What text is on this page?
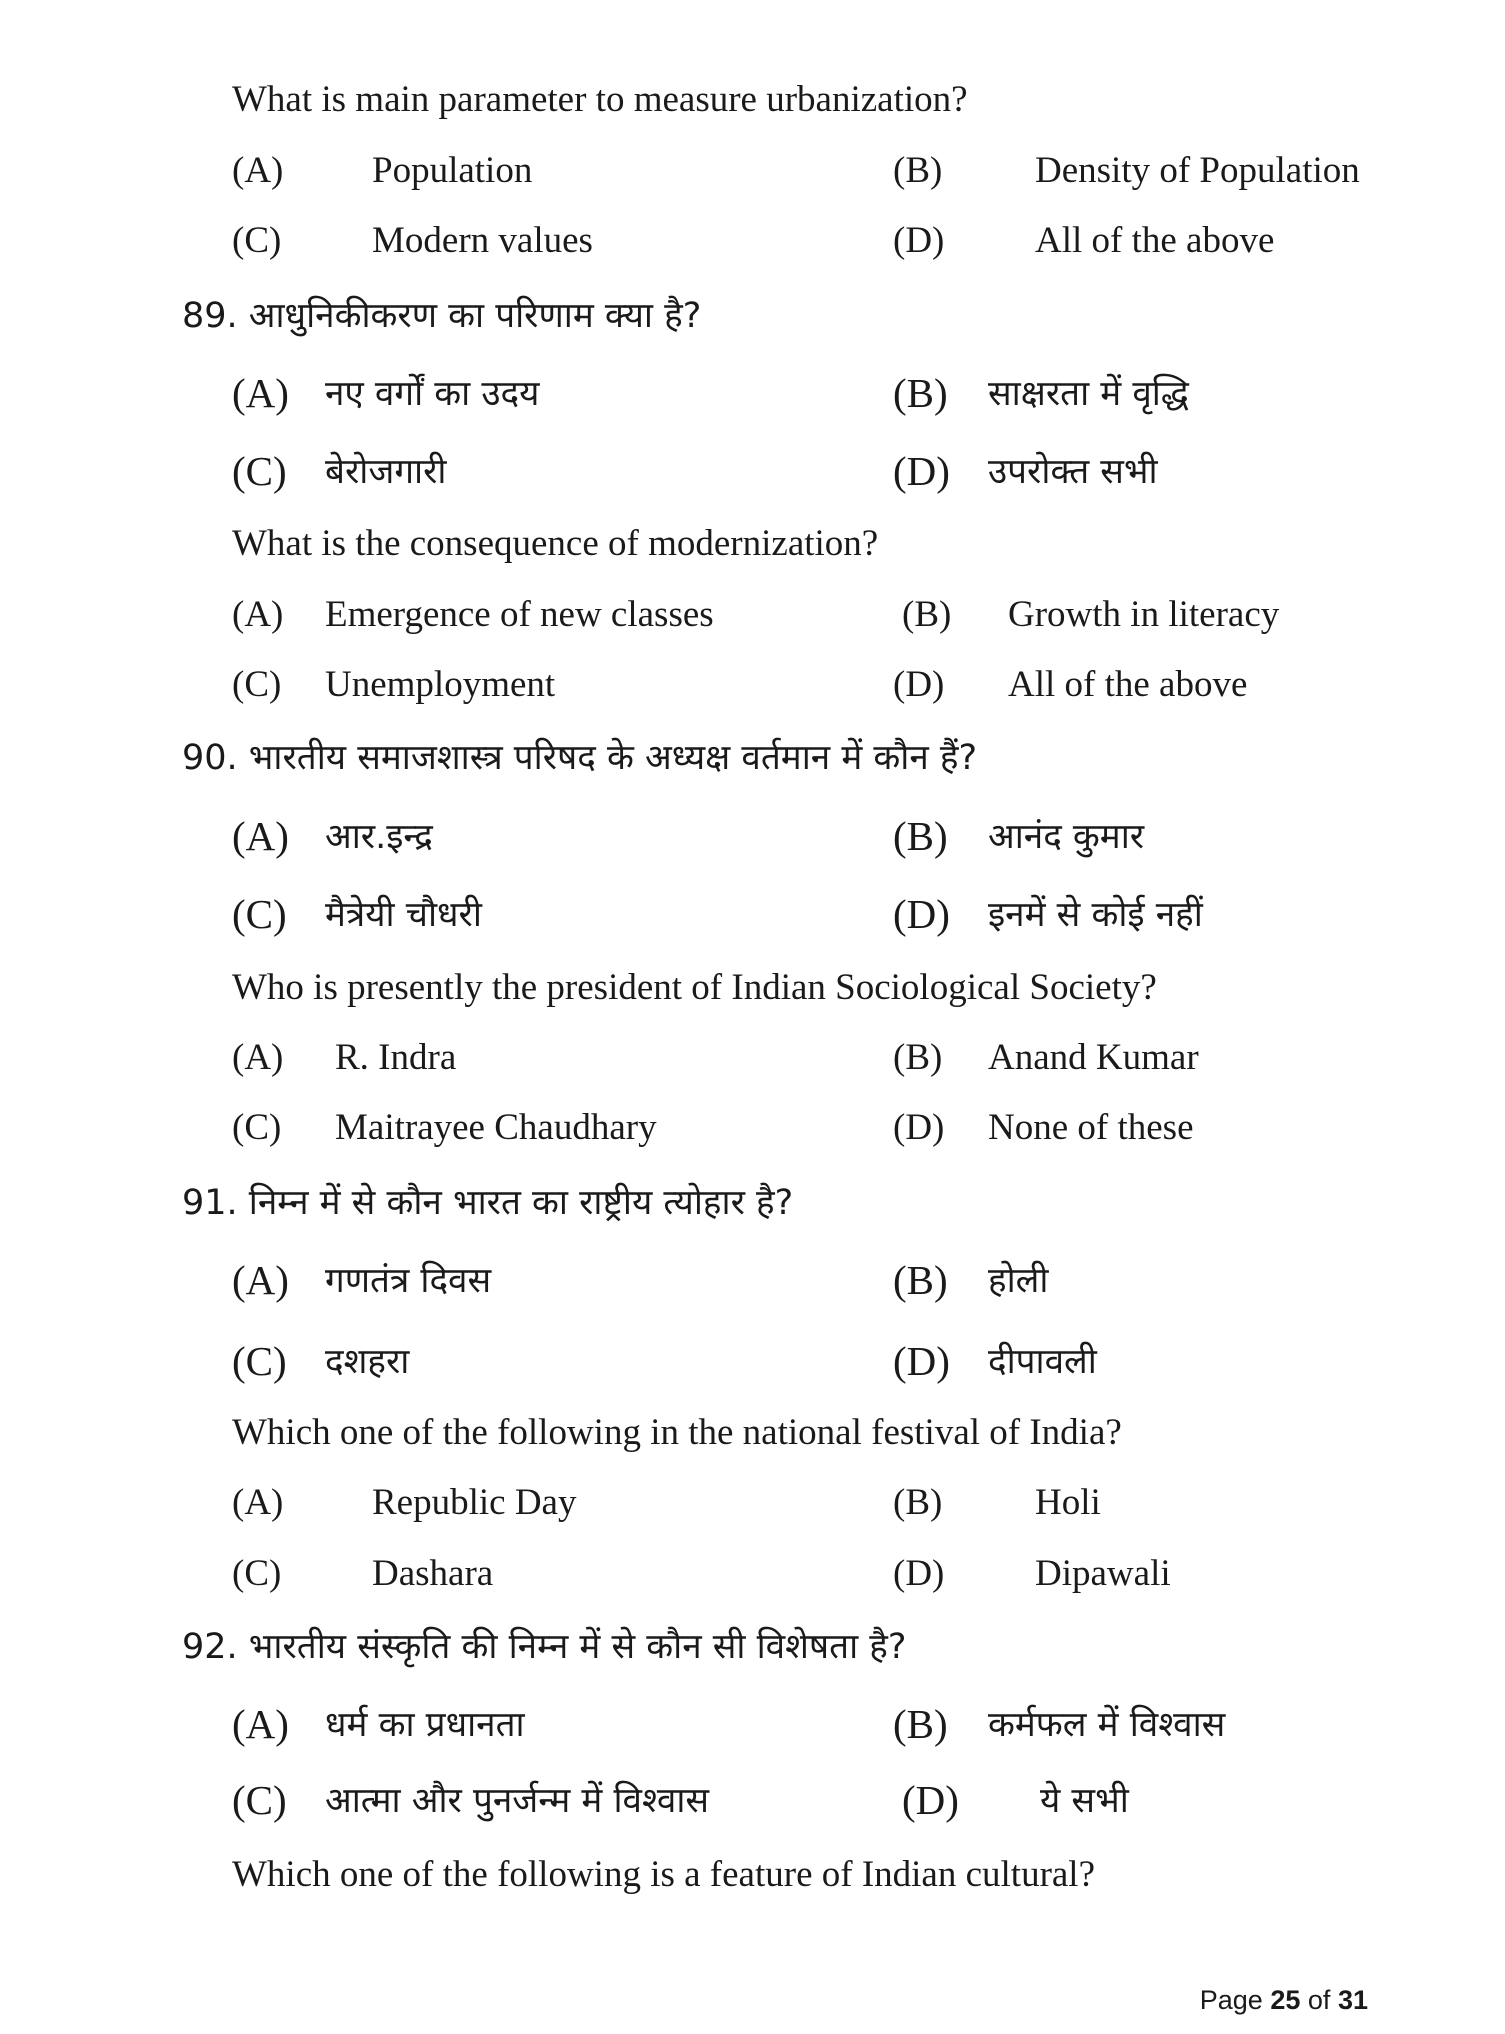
What is main parameter to measure urbanization?
(A) Population	(B)	Density of Population
(C) Modern values	(D) All of the above
89. आधुनिकीकरण का परिणाम क्या है?
(A) नए वर्गों का उदय	(B) साक्षरता में वृद्धि
(C) बेरोजगारी	(D) उपरोक्त सभी
What is the consequence of modernization?
(A) Emergence of new classes	(B) Growth in literacy
(C) Unemployment	(D) All of the above
90. भारतीय समाजशास्त्र परिषद के अध्यक्ष वर्तमान में कौन हैं?
(A) आर.इन्द्र	(B) आनंद कुमार
(C) मैत्रेयी चौधरी	(D) इनमें से कोई नहीं
Who is presently the president of Indian Sociological Society?
(A) R. Indra	(B) Anand Kumar
(C) Maitrayee Chaudhary	(D) None of these
91. निम्न में से कौन भारत का राष्ट्रीय त्योहार है?
(A) गणतंत्र दिवस	(B) होली
(C) दशहरा	(D) दीपावली
Which one of the following in the national festival of India?
(A) Republic Day	(B)	Holi
(C) Dashara	(D) Dipawali
92. भारतीय संस्कृति की निम्न में से कौन सी विशेषता है?
(A) धर्म का प्रधानता	(B) कर्मफल में विश्वास
(C) आत्मा और पुनर्जन्म में विश्वास	(D) ये सभी
Which one of the following is a feature of Indian cultural?
Page 25 of 31
